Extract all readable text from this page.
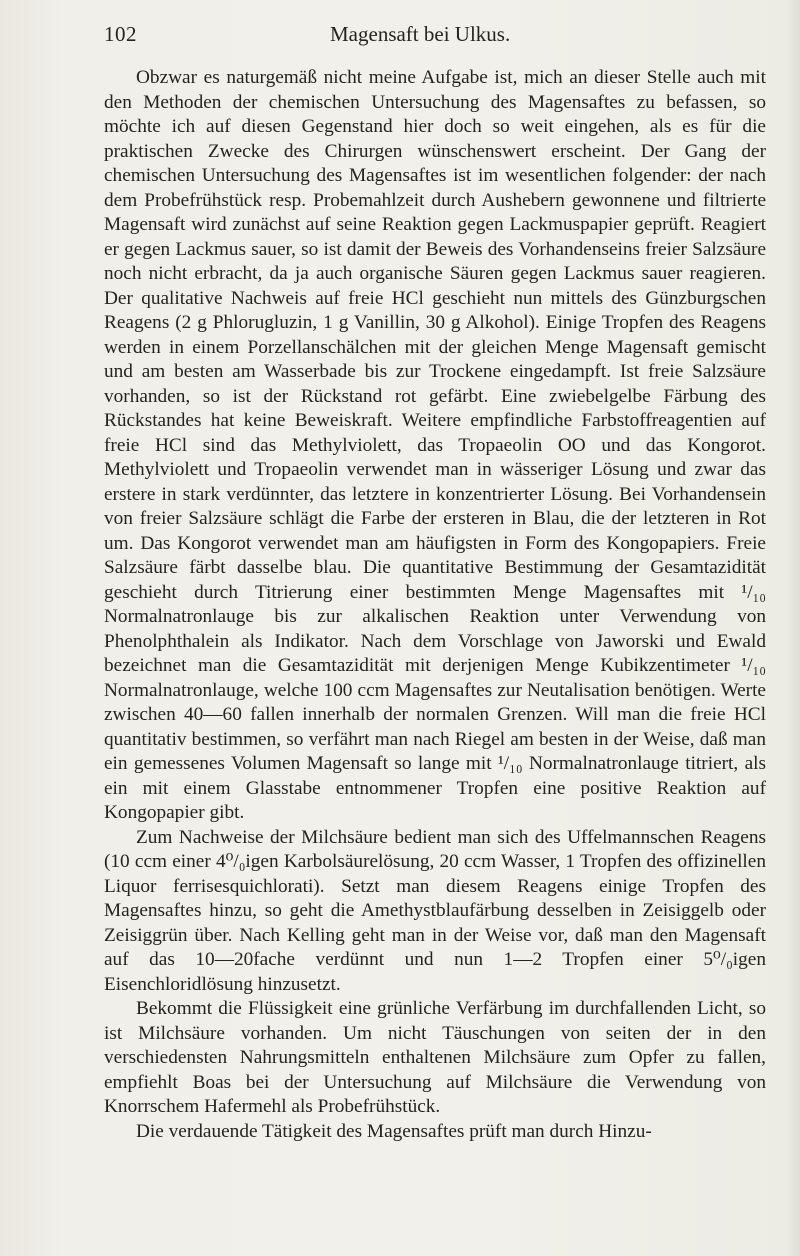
102	Magensaft bei Ulkus.

Obzwar es naturgemäß nicht meine Aufgabe ist, mich an dieser Stelle auch mit den Methoden der chemischen Untersuchung des Magensaftes zu befassen, so möchte ich auf diesen Gegenstand hier doch so weit eingehen, als es für die praktischen Zwecke des Chirurgen wünschenswert erscheint. Der Gang der chemischen Untersuchung des Magensaftes ist im wesentlichen folgender: der nach dem Probefrühstück resp. Probemahlzeit durch Aushebern gewonnene und filtrierte Magensaft wird zunächst auf seine Reaktion gegen Lackmuspapier geprüft. Reagiert er gegen Lackmus sauer, so ist damit der Beweis des Vorhandenseins freier Salzsäure noch nicht erbracht, da ja auch organische Säuren gegen Lackmus sauer reagieren. Der qualitative Nachweis auf freie HCl geschieht nun mittels des Günzburgschen Reagens (2 g Phlorugluzin, 1 g Vanillin, 30 g Alkohol). Einige Tropfen des Reagens werden in einem Porzellanschälchen mit der gleichen Menge Magensaft gemischt und am besten am Wasserbade bis zur Trockene eingedampft. Ist freie Salzsäure vorhanden, so ist der Rückstand rot gefärbt. Eine zwiebelgelbe Färbung des Rückstandes hat keine Beweiskraft. Weitere empfindliche Farbstoffreagentien auf freie HCl sind das Methylviolett, das Tropaeolin OO und das Kongorot. Methylviolett und Tropaeolin verwendet man in wässeriger Lösung und zwar das erstere in stark verdünnter, das letztere in konzentrierter Lösung. Bei Vorhandensein von freier Salzsäure schlägt die Farbe der ersteren in Blau, die der letzteren in Rot um. Das Kongorot verwendet man am häufigsten in Form des Kongopapiers. Freie Salzsäure färbt dasselbe blau. Die quantitative Bestimmung der Gesamtazidität geschieht durch Titrierung einer bestimmten Menge Magensaftes mit ¹/₁₀ Normalnatronlauge bis zur alkalischen Reaktion unter Verwendung von Phenolphthalein als Indikator. Nach dem Vorschlage von Jaworski und Ewald bezeichnet man die Gesamtazidität mit derjenigen Menge Kubikzentimeter ¹/₁₀ Normalnatronlauge, welche 100 ccm Magensaftes zur Neutalisation benötigen. Werte zwischen 40—60 fallen innerhalb der normalen Grenzen. Will man die freie HCl quantitativ bestimmen, so verfährt man nach Riegel am besten in der Weise, daß man ein gemessenes Volumen Magensaft so lange mit ¹/₁₀ Normalnatronlauge titriert, als ein mit einem Glasstabe entnommener Tropfen eine positive Reaktion auf Kongopapier gibt.

Zum Nachweise der Milchsäure bedient man sich des Uffelmannschen Reagens (10 ccm einer 4⁰/₀igen Karbolsäurelösung, 20 ccm Wasser, 1 Tropfen des offizinellen Liquor ferrisesquichlorati). Setzt man diesem Reagens einige Tropfen des Magensaftes hinzu, so geht die Amethystblaufärbung desselben in Zeisiggelb oder Zeisiggrün über. Nach Kelling geht man in der Weise vor, daß man den Magensaft auf das 10—20fache verdünnt und nun 1—2 Tropfen einer 5⁰/₀igen Eisenchloridlösung hinzusetzt.

Bekommt die Flüssigkeit eine grünliche Verfärbung im durchfallenden Licht, so ist Milchsäure vorhanden. Um nicht Täuschungen von seiten der in den verschiedensten Nahrungsmitteln enthaltenen Milchsäure zum Opfer zu fallen, empfiehlt Boas bei der Untersuchung auf Milchsäure die Verwendung von Knorrschem Hafermehl als Probefrühstück.

Die verdauende Tätigkeit des Magensaftes prüft man durch Hinzu-
